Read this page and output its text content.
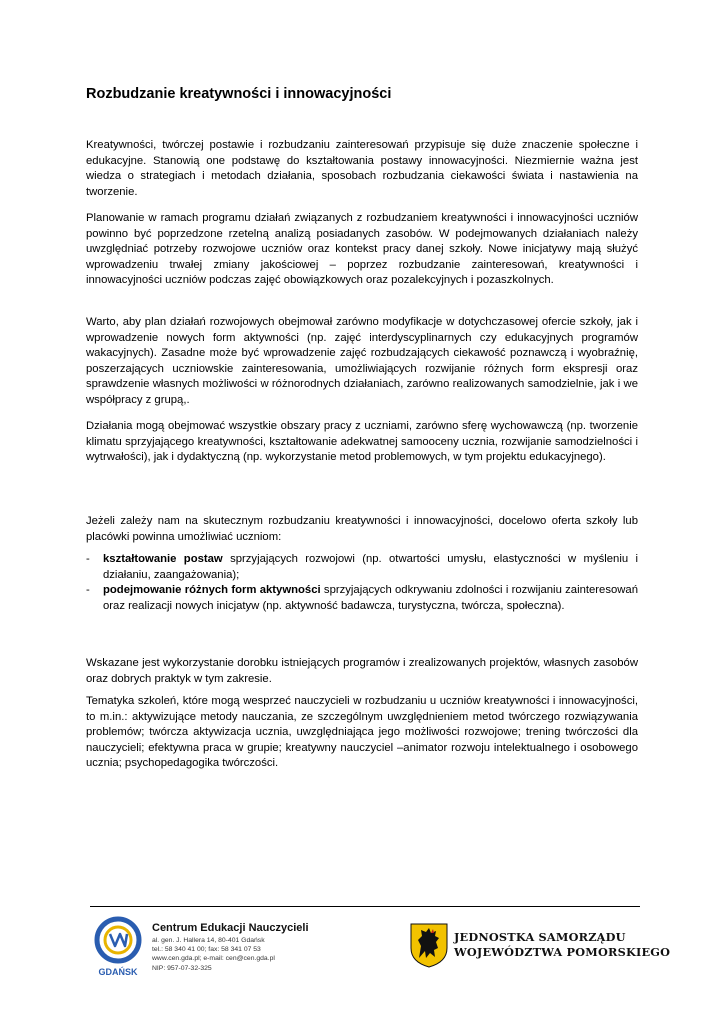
Rozbudzanie kreatywności i innowacyjności

Kreatywności, twórczej postawie i rozbudzaniu zainteresowań przypisuje się duże znaczenie społeczne i edukacyjne. Stanowią one podstawę do kształtowania postawy innowacyjności. Niezmiernie ważna jest wiedza o strategiach i metodach działania, sposobach rozbudzania ciekawości świata i nastawienia na tworzenie.

Planowanie w ramach programu działań związanych z rozbudzaniem kreatywności i innowacyjności uczniów powinno być poprzedzone rzetelną analizą posiadanych zasobów. W podejmowanych działaniach należy uwzględniać potrzeby rozwojowe uczniów oraz kontekst pracy danej szkoły. Nowe inicjatywy mają służyć wprowadzeniu trwałej zmiany jakościowej – poprzez rozbudzanie zainteresowań, kreatywności i innowacyjności uczniów podczas zajęć obowiązkowych oraz pozalekcyjnych i pozaszkolnych.

Warto, aby plan działań rozwojowych obejmował zarówno modyfikacje w dotychczasowej ofercie szkoły, jak i wprowadzenie nowych form aktywności (np. zajęć interdyscyplinarnych czy edukacyjnych programów wakacyjnych). Zasadne może być wprowadzenie zajęć rozbudzających ciekawość poznawczą i wyobraźnię, poszerzających uczniowskie zainteresowania, umożliwiających rozwijanie różnych form ekspresji oraz sprawdzenie własnych możliwości w różnorodnych działaniach, zarówno realizowanych samodzielnie, jak i we współpracy z grupą,.

Działania mogą obejmować wszystkie obszary pracy z uczniami, zarówno sferę wychowawczą (np. tworzenie klimatu sprzyjającego kreatywności, kształtowanie adekwatnej samooceny ucznia, rozwijanie samodzielności i wytrwałości), jak i dydaktyczną (np. wykorzystanie metod problemowych, w tym projektu edukacyjnego).

Jeżeli zależy nam na skutecznym rozbudzaniu kreatywności i innowacyjności, docelowo oferta szkoły lub placówki powinna umożliwiać uczniom:

- kształtowanie postaw sprzyjających rozwojowi (np. otwartości umysłu, elastyczności w myśleniu i działaniu, zaangażowania);
- podejmowanie różnych form aktywności sprzyjających odkrywaniu zdolności i rozwijaniu zainteresowań oraz realizacji nowych inicjatyw (np. aktywność badawcza, turystyczna, twórcza, społeczna).

Wskazane jest wykorzystanie dorobku istniejących programów i zrealizowanych projektów, własnych zasobów oraz dobrych praktyk w tym zakresie.

Tematyka szkoleń, które mogą wesprzeć nauczycieli w rozbudzaniu u uczniów kreatywności i innowacyjności, to m.in.: aktywizujące metody nauczania, ze szczególnym uwzględnieniem metod twórczego rozwiązywania problemów; twórcza aktywizacja ucznia, uwzględniająca jego możliwości rozwojowe; trening twórczości dla nauczycieli; efektywna praca w grupie; kreatywny nauczyciel –animator rozwoju intelektualnego i osobowego ucznia; psychopedagogika twórczości.

GDAŃSK

Centrum Edukacji Nauczycieli

al. gen. J. Hallera 14, 80-401 Gdańsk

tel.: 58 340 41 00; fax: 58 341 07 53

www.cen.gda.pl; e-mail: cen@cen.gda.pl

NIP: 957-07-32-325

JEDNOSTKA SAMORZĄDU
WOJEWÓDZTWA POMORSKIEGO
